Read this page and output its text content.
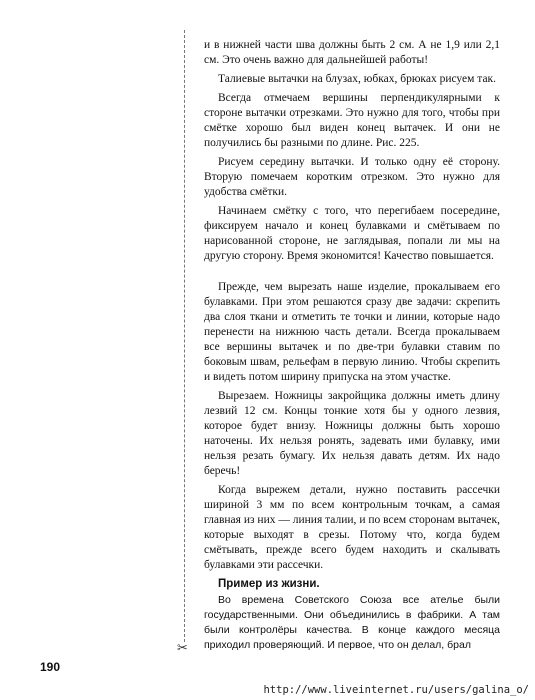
✂

и в нижней части шва должны быть 2 см. А не 1,9 или 2,1 см. Это очень важно для дальнейшей работы!

Талиевые вытачки на блузах, юбках, брюках рисуем так.

Всегда отмечаем вершины перпендикулярными к стороне вытачки отрезками. Это нужно для того, чтобы при смётке хорошо был виден конец вытачек. И они не получились бы разными по длине. Рис. 225.

Рисуем середину вытачки. И только одну её сторону. Вторую помечаем коротким отрезком. Это нужно для удобства смётки.

Начинаем смётку с того, что перегибаем посередине, фиксируем начало и конец булавками и смётываем по нарисованной стороне, не заглядывая, попали ли мы на другую сторону. Время экономится! Качество повышается.

Прежде, чем вырезать наше изделие, прокалываем его булавками. При этом решаются сразу две задачи: скрепить два слоя ткани и отметить те точки и линии, которые надо перенести на нижнюю часть детали. Всегда прокалываем все вершины вытачек и по две-три булавки ставим по боковым швам, рельефам в первую линию. Чтобы скрепить и видеть потом ширину припуска на этом участке.

Вырезаем. Ножницы закройщика должны иметь длину лезвий 12 см. Концы тонкие хотя бы у одного лезвия, которое будет внизу. Ножницы должны быть хорошо наточены. Их нельзя ронять, задевать ими булавку, ими нельзя резать бумагу. Их нельзя давать детям. Их надо беречь!

Когда вырежем детали, нужно поставить рассечки шириной 3 мм по всем контрольным точкам, а самая главная из них — линия талии, и по всем сторонам вытачек, которые выходят в срезы. Потому что, когда будем смётывать, прежде всего будем находить и скалывать булавками эти рассечки.

Пример из жизни.

Во времена Советского Союза все ателье были государственными. Они объединились в фабрики. А там были контролёры качества. В конце каждого месяца приходил проверяющий. И первое, что он делал, брал

190
http://www.liveinternet.ru/users/galina_o/
